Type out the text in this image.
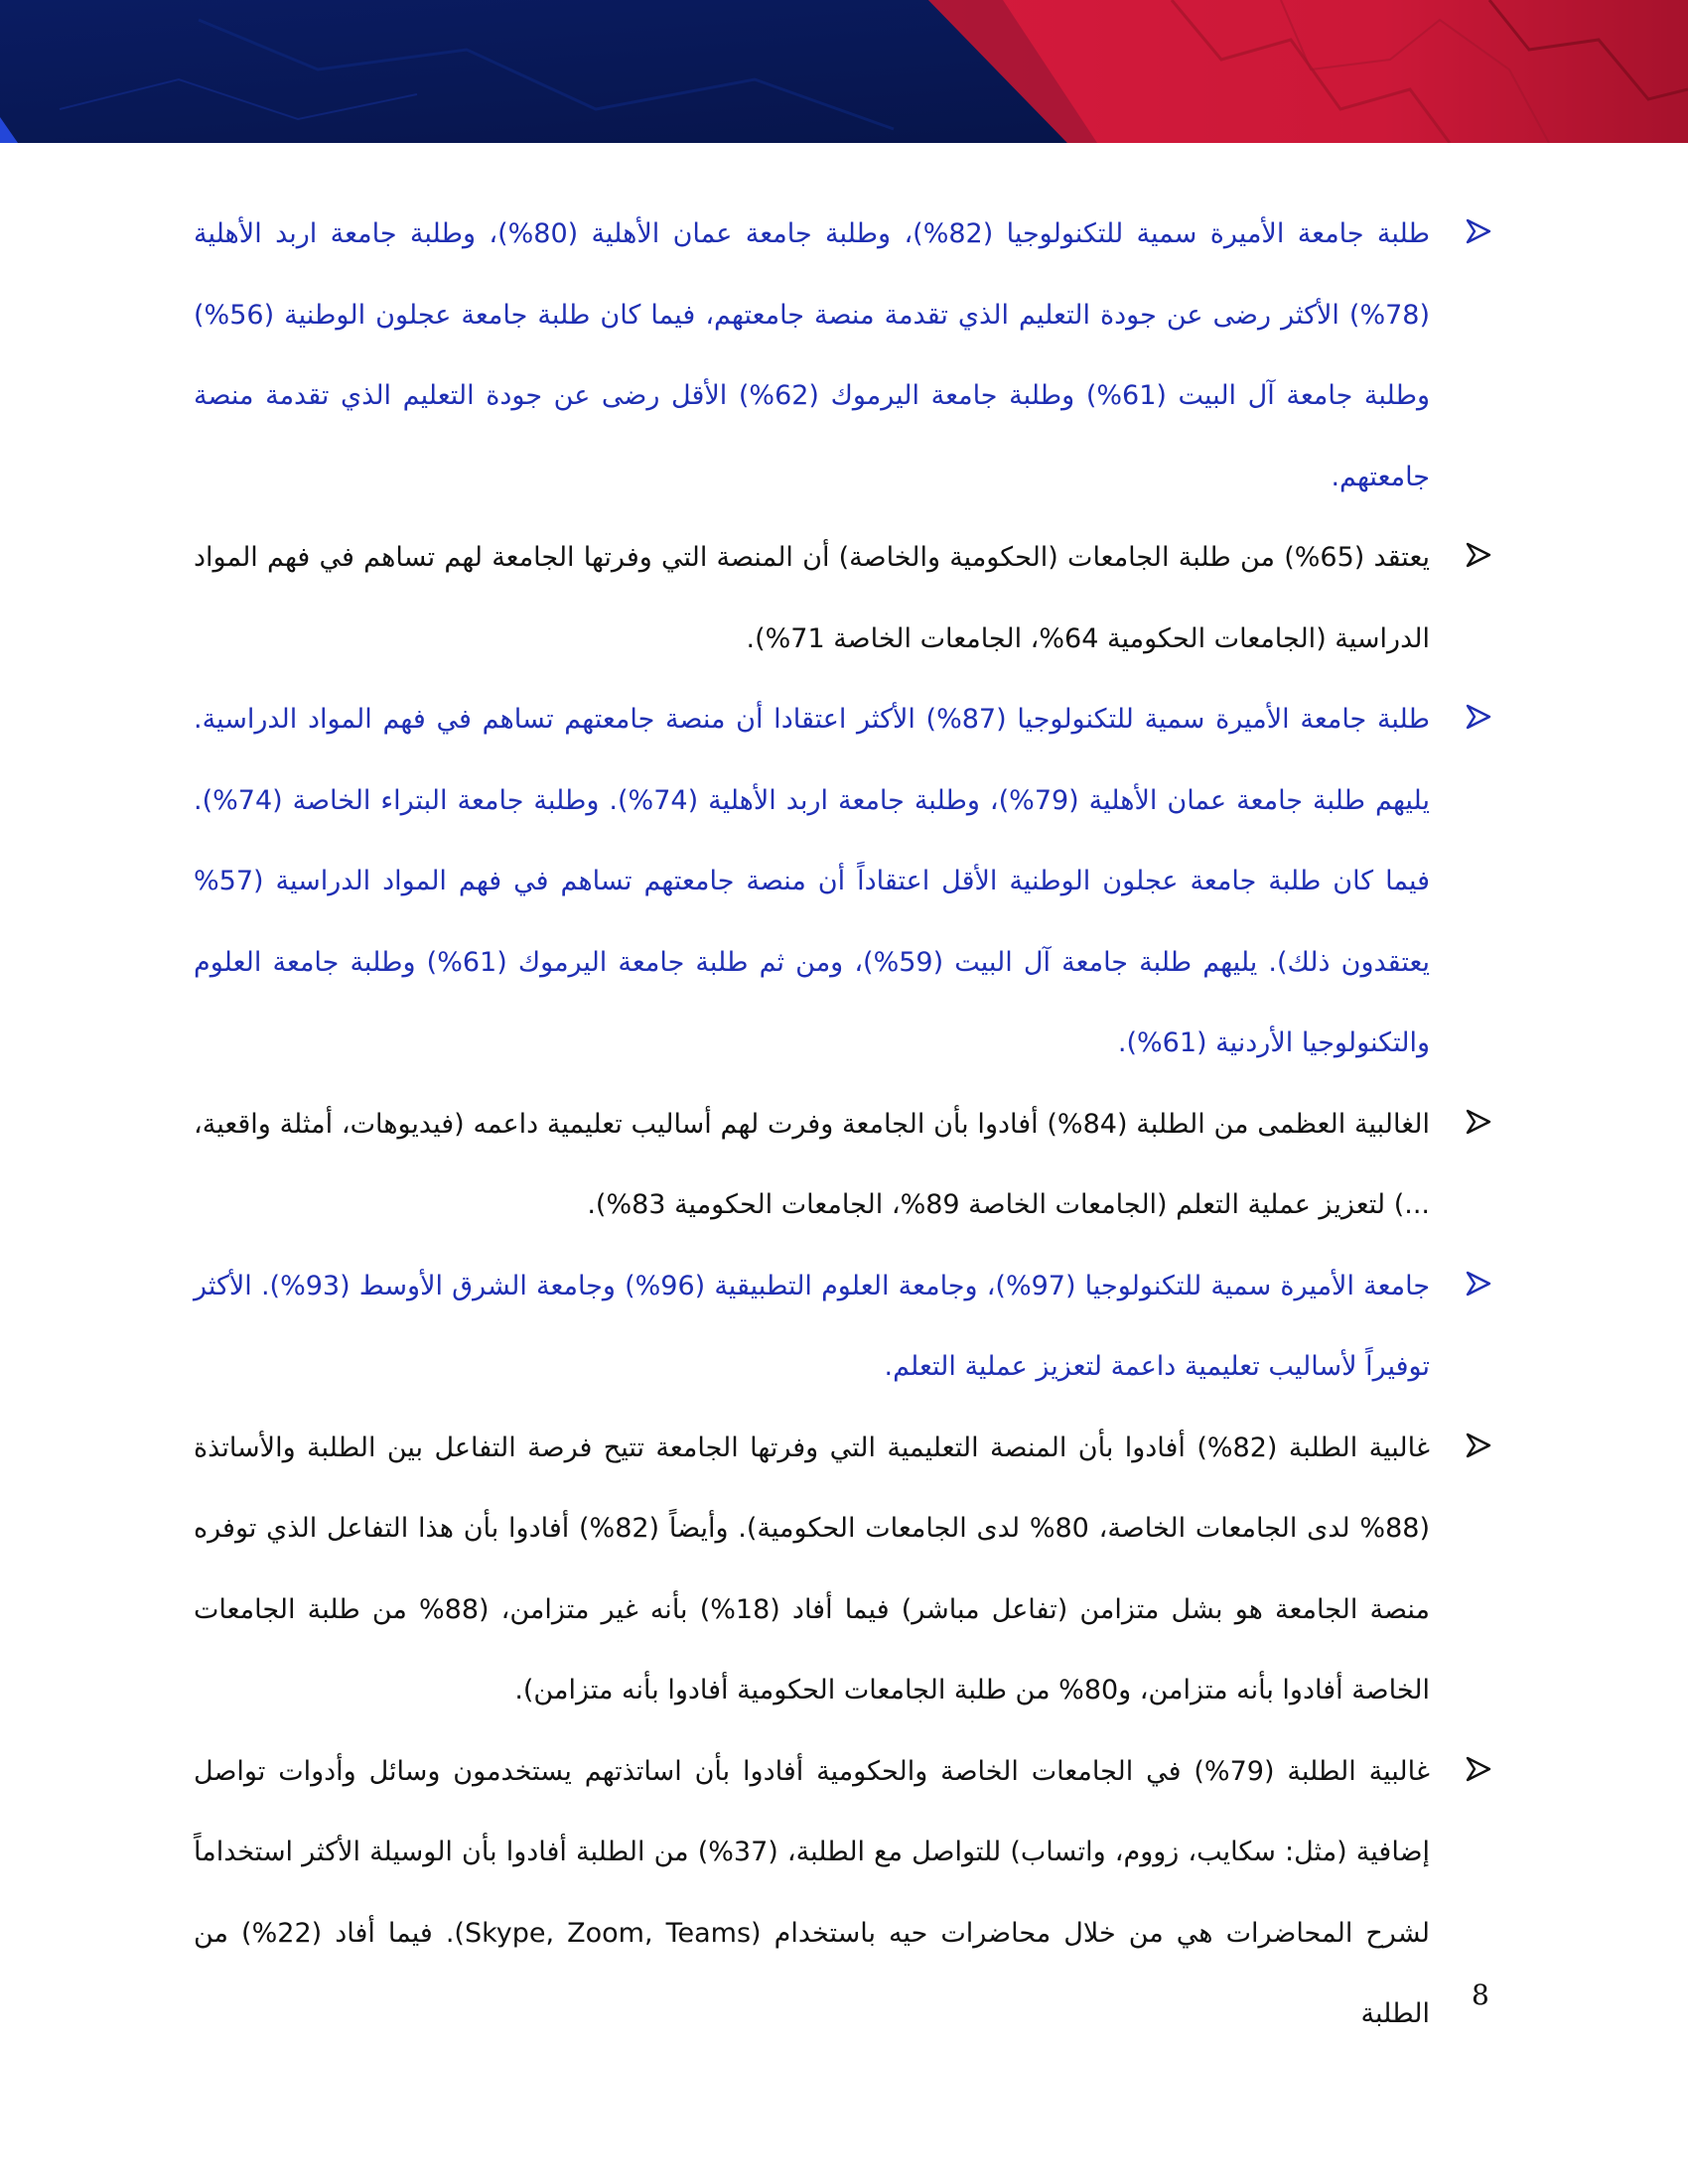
طلبة جامعة الأميرة سمية للتكنولوجيا (82%)، وطلبة جامعة عمان الأهلية (80%)، وطلبة جامعة اربد الأهلية (78%) الأكثر رضى عن جودة التعليم الذي تقدمة منصة جامعتهم، فيما كان طلبة جامعة عجلون الوطنية (56%) وطلبة جامعة آل البيت (61%) وطلبة جامعة اليرموك (62%) الأقل رضى عن جودة التعليم الذي تقدمة منصة جامعتهم.
يعتقد (65%) من طلبة الجامعات (الحكومية والخاصة) أن المنصة التي وفرتها الجامعة لهم تساهم في فهم المواد الدراسية (الجامعات الحكومية 64%، الجامعات الخاصة 71%).
طلبة جامعة الأميرة سمية للتكنولوجيا (87%) الأكثر اعتقادا أن منصة جامعتهم تساهم في فهم المواد الدراسية. يليهم طلبة جامعة عمان الأهلية (79%)، وطلبة جامعة اربد الأهلية (74%). وطلبة جامعة البتراء الخاصة (74%). فيما كان طلبة جامعة عجلون الوطنية الأقل اعتقاداً أن منصة جامعتهم تساهم في فهم المواد الدراسية (57% يعتقدون ذلك). يليهم طلبة جامعة آل البيت (59%)، ومن ثم طلبة جامعة اليرموك (61%) وطلبة جامعة العلوم والتكنولوجيا الأردنية (61%).
الغالبية العظمى من الطلبة (84%) أفادوا بأن الجامعة وفرت لهم أساليب تعليمية داعمه (فيديوهات، أمثلة واقعية، ...) لتعزيز عملية التعلم (الجامعات الخاصة 89%، الجامعات الحكومية 83%).
جامعة الأميرة سمية للتكنولوجيا (97%)، وجامعة العلوم التطبيقية (96%) وجامعة الشرق الأوسط (93%). الأكثر توفيراً لأساليب تعليمية داعمة لتعزيز عملية التعلم.
غالبية الطلبة (82%) أفادوا بأن المنصة التعليمية التي وفرتها الجامعة تتيح فرصة التفاعل بين الطلبة والأساتذة (88% لدى الجامعات الخاصة، 80% لدى الجامعات الحكومية). وأيضاً (82%) أفادوا بأن هذا التفاعل الذي توفره منصة الجامعة هو بشل متزامن (تفاعل مباشر) فيما أفاد (18%) بأنه غير متزامن، (88% من طلبة الجامعات الخاصة أفادوا بأنه متزامن، و80% من طلبة الجامعات الحكومية أفادوا بأنه متزامن).
غالبية الطلبة (79%) في الجامعات الخاصة والحكومية أفادوا بأن اساتذتهم يستخدمون وسائل وأدوات تواصل إضافية (مثل: سكايب، زووم، واتساب) للتواصل مع الطلبة، (37%) من الطلبة أفادوا بأن الوسيلة الأكثر استخداماً لشرح المحاضرات هي من خلال محاضرات حيه باستخدام (Skype, Zoom, Teams). فيما أفاد (22%) من الطلبة
8
